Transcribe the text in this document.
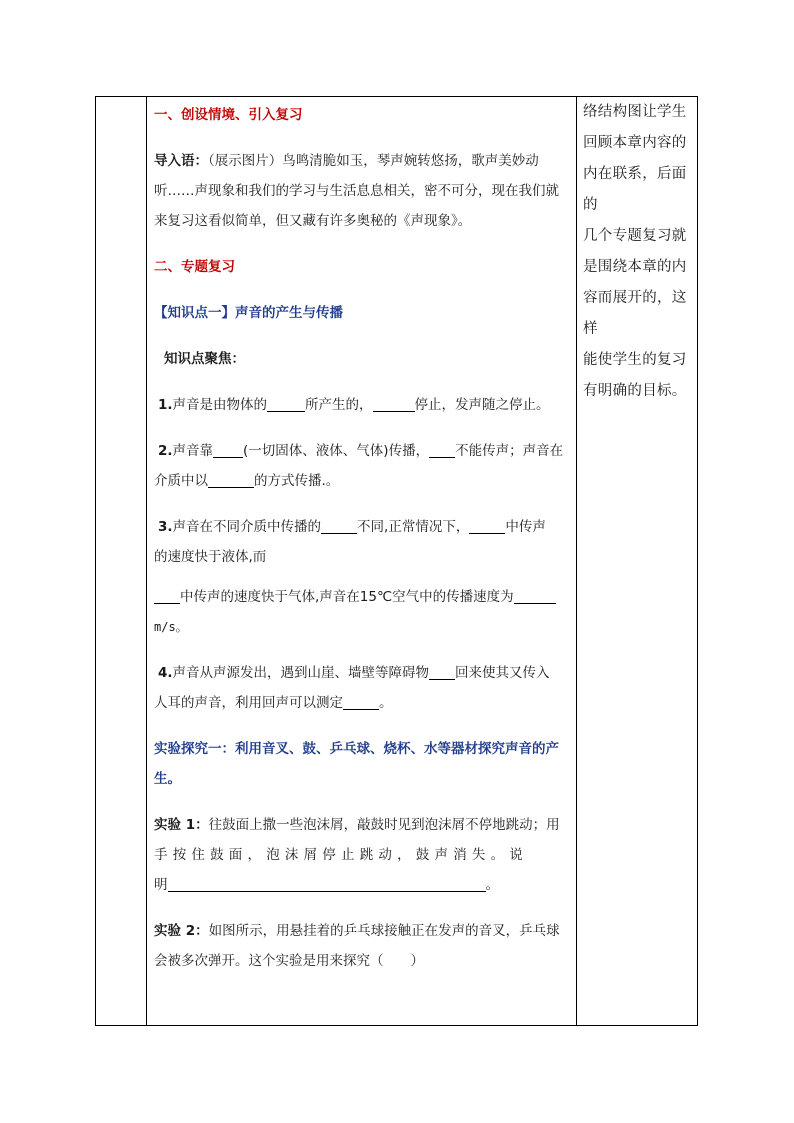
一、创设情境、引入复习

导入语：（展示图片）鸟鸣清脆如玉，琴声婉转悠扬，歌声美妙动

听……声现象和我们的学习与生活息息相关，密不可分，现在我们就

来复习这看似简单，但又藏有许多奥秘的《声现象》。

二、专题复习

【知识点一】声音的产生与传播

知识点聚焦：

1.声音是由物体的	所产生的，	停止，发声随之停止。

2.声音靠 (一切固体、液体、气体)传播， 不能传声；声音在

介质中以	的方式传播.。

3.声音在不同介质中传播的	不同,正常情况下，	中传声

的速度快于液体,而

中传声的速度快于气体,声音在15℃空气中的传播速度为

m/s。

4.声音从声源发出，遇到山崖、墙壁等障碍物 回来使其又传入

人耳的声音，利用回声可以测定	。

实验探究一：利用音叉、鼓、乒乓球、烧杯、水等器材探究声音的产

生。

实验 1：往鼓面上撒一些泡沫屑，敲鼓时见到泡沫屑不停地跳动；用

手按住鼓面，泡沫屑停止跳动，鼓声消失。说

明	。

实验 2：如图所示，用悬挂着的乒乓球接触正在发声的音叉，乒乓球

会被多次弹开。这个实验是用来探究（　　）

络结构图让学生

回顾本章内容的

内在联系，后面的

几个专题复习就

是围绕本章的内

容而展开的，这样

能使学生的复习

有明确的目标。
